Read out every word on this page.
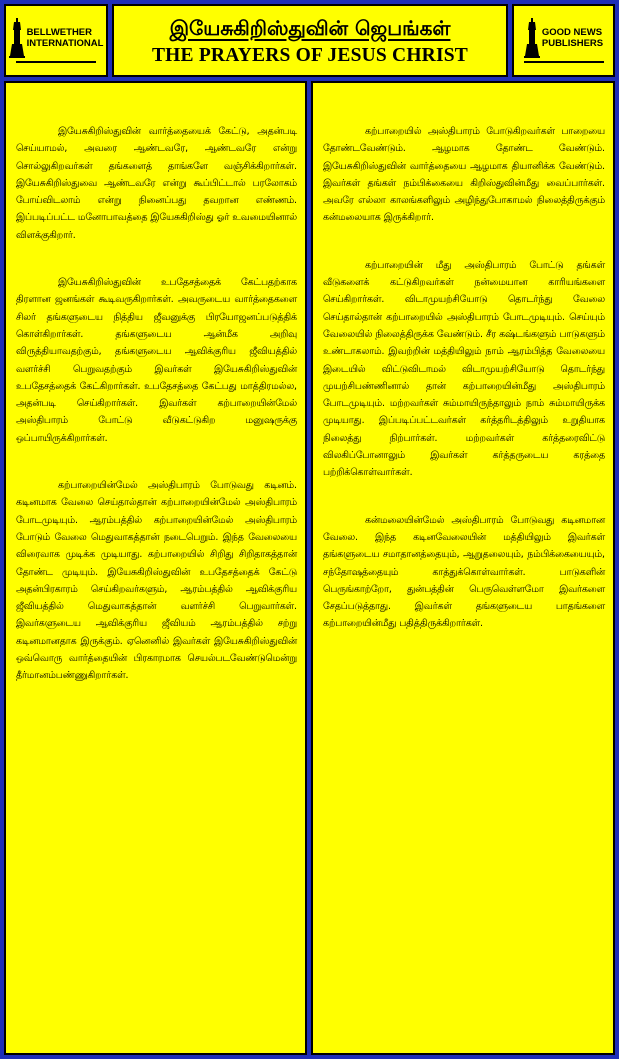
BELLWETHER
INTERNATIONAL
இயேசுகிறிஸ்துவின் ஜெபங்கள்
THE PRAYERS OF JESUS CHRIST
GOOD NEWS
PUBLISHERS

இயேசுகிறிஸ்துவின் வார்த்தையைக் கேட்டு, அதன்படி செய்யாமல், அவரை ஆண்டவரே, ஆண்டவரே என்று சொல்லுகிறவர்கள் தங்களைத் தாங்களே வஞ்சிக்கிறார்கள். இயேசுகிறிஸ்துவை ஆண்டவரே என்று கூப்பிட்டால் பரலோகம் போய்விடலாம் என்று நினைப்பது தவறான எண்ணம். இப்படிப்பட்ட மனோபாவத்தை இயேசுகிறிஸ்து ஓர் உவமையினால் விளக்குகிறார்.

இயேசுகிறிஸ்துவின் உபதேசத்தைக் கேட்பதற்காக திரளான ஜனங்கள் கூடிவருகிறார்கள். அவருடைய வார்த்தைகளை சிலர் தங்களுடைய நித்திய ஜீவனுக்கு பிரயோஜனப்படுத்திக் கொள்கிறார்கள். தங்களுடைய ஆன்மீக அறிவு விருத்தியாவதற்கும், தங்களுடைய ஆவிக்குரிய ஜீவியத்தில் வளர்ச்சி பெறுவதற்கும் இவர்கள் இயேசுகிறிஸ்துவின் உபதேசத்தைக் கேட்கிறார்கள். உபதேசத்தை கேட்பது மாத்திரமல்ல, அதன்படி செய்கிறார்கள். இவர்கள் கற்பாறையின்மேல் அஸ்திபாரம் போட்டு வீடுகட்டுகிற மனுஷருக்கு ஒப்பாயிருக்கிறார்கள்.

கற்பாறையின்மேல் அஸ்திபாரம் போடுவது கடினம். கடினமாக வேலை செய்தால்தான் கற்பாறையின்மேல் அஸ்திபாரம் போடமுடியும். ஆரம்பத்தில் கற்பாறையின்மேல் அஸ்திபாரம் போடும் வேலை மெதுவாகத்தான் நடைபெறும். இந்த வேலையை விரைவாக முடிக்க முடியாது. கற்பாறையில் சிறிது சிறிதாகத்தான் தோண்ட முடியும். இயேசுகிறிஸ்துவின் உபதேசத்தைக் கேட்டு அதன்பிரகாரம் செய்கிறவர்களும், ஆரம்பத்தில் ஆவிக்குரிய ஜீவியத்தில் மெதுவாகத்தான் வளர்ச்சி பெறுவார்கள். இவர்களுடைய ஆவிக்குரிய ஜீவியம் ஆரம்பத்தில் சற்று கடினமானதாக இருக்கும். ஏனெனில் இவர்கள் இயேசுகிறிஸ்துவின் ஒவ்வொரு வார்த்தையின் பிரகாரமாக செயல்படவேண்டுமென்று தீர்மானம்பண்ணுகிறார்கள்.

கற்பாறையில் அஸ்திபாரம் போடுகிறவர்கள் பாறையை தோண்டவேண்டும். ஆழமாக தோண்ட வேண்டும். இயேசுகிறிஸ்துவின் வார்த்தையை ஆழமாக தியானிக்க வேண்டும். இவர்கள் தங்கள் நம்பிக்கையை கிறிஸ்துவின்மீது வைப்பார்கள். அவரே எல்லா காலங்களிலும் அழிந்துபோகாமல் நிலைத்திருக்கும் கன்மலையாக இருக்கிறார்.

கற்பாறையின் மீது அஸ்திபாரம் போட்டு தங்கள் வீடுகளைக் கட்டுகிறவர்கள் நன்மையான காரியங்களை செய்கிறார்கள். விடாமுயற்சியோடு தொடர்ந்து வேலை செய்தால்தான் கற்பாறையில் அஸ்திபாரம் போடமுடியும். செய்யும் வேலையில் நிலைத்திருக்க வேண்டும். சீர கஷ்டங்களும் பாடுகளும் உண்டாகலாம். இவற்றின் மத்தியிலும் நாம் ஆரம்பித்த வேலையை இடையில் விட்டுவிடாமல் விடாமுயற்சியோடு தொடர்ந்து முயற்சிபண்ணினால் தான் கற்பாறையின்மீது அஸ்திபாரம் போடமுடியும். மற்றவர்கள் சும்மாயிருந்தாலும் நாம் சும்மாயிருக்க முடியாது. இப்படிப்பட்டவர்கள் கர்த்தரிடத்திலும் உறுதியாக நிலைத்து நிற்பார்கள். மற்றவர்கள் கர்த்தரைவிட்டு விலகிப்போனாலும் இவர்கள் கர்த்தருடைய கரத்தை பற்றிக்கொள்வார்கள்.

கன்மலையின்மேல் அஸ்திபாரம் போடுவது கடினமான வேலை. இந்த கடினவேலையின் மத்தியிலும் இவர்கள் தங்களுடைய சமாதானத்தையும், ஆறுதலையும், நம்பிக்கையையும், சந்தோஷத்தையும் காத்துக்கொள்வார்கள். பாடுகளின் பெருங்காற்றோ, துன்பத்தின் பெருவெள்ளமோ இவர்களை சேதப்படுத்தாது. இவர்கள் தங்களுடைய பாதங்களை கற்பாறையின்மீது பதித்திருக்கிறார்கள்.
